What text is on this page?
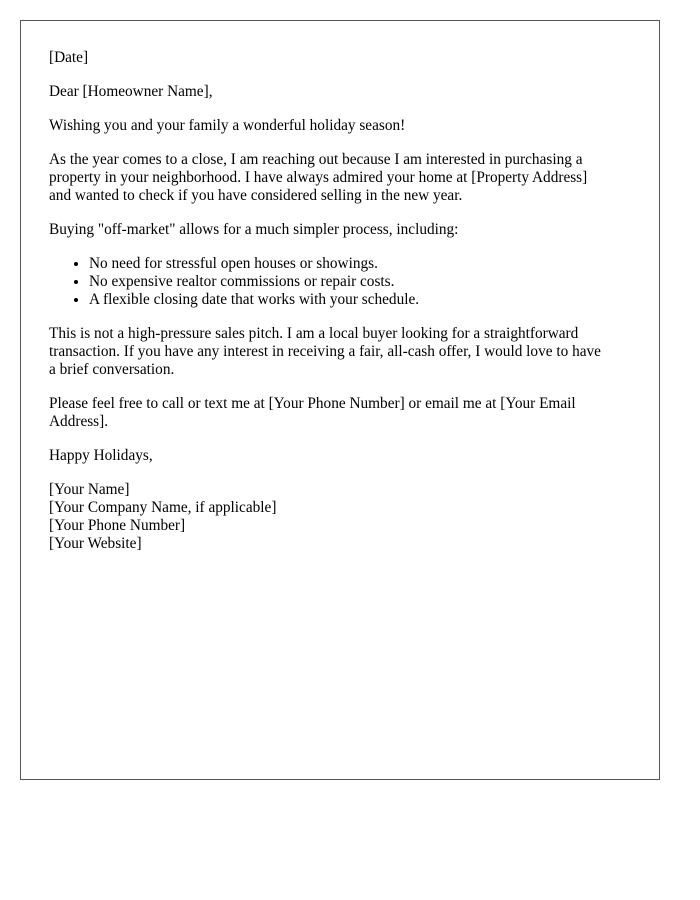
[Date]

Dear [Homeowner Name],

Wishing you and your family a wonderful holiday season!

As the year comes to a close, I am reaching out because I am interested in purchasing a
property in your neighborhood. I have always admired your home at [Property Address]
and wanted to check if you have considered selling in the new year.

Buying "off-market" allows for a much simpler process, including:

• No need for stressful open houses or showings.
• No expensive realtor commissions or repair costs.
• A flexible closing date that works with your schedule.

This is not a high-pressure sales pitch. I am a local buyer looking for a straightforward
transaction. If you have any interest in receiving a fair, all-cash offer, I would love to have
a brief conversation.

Please feel free to call or text me at [Your Phone Number] or email me at [Your Email
Address].

Happy Holidays,

[Your Name]
[Your Company Name, if applicable]
[Your Phone Number]
[Your Website]
